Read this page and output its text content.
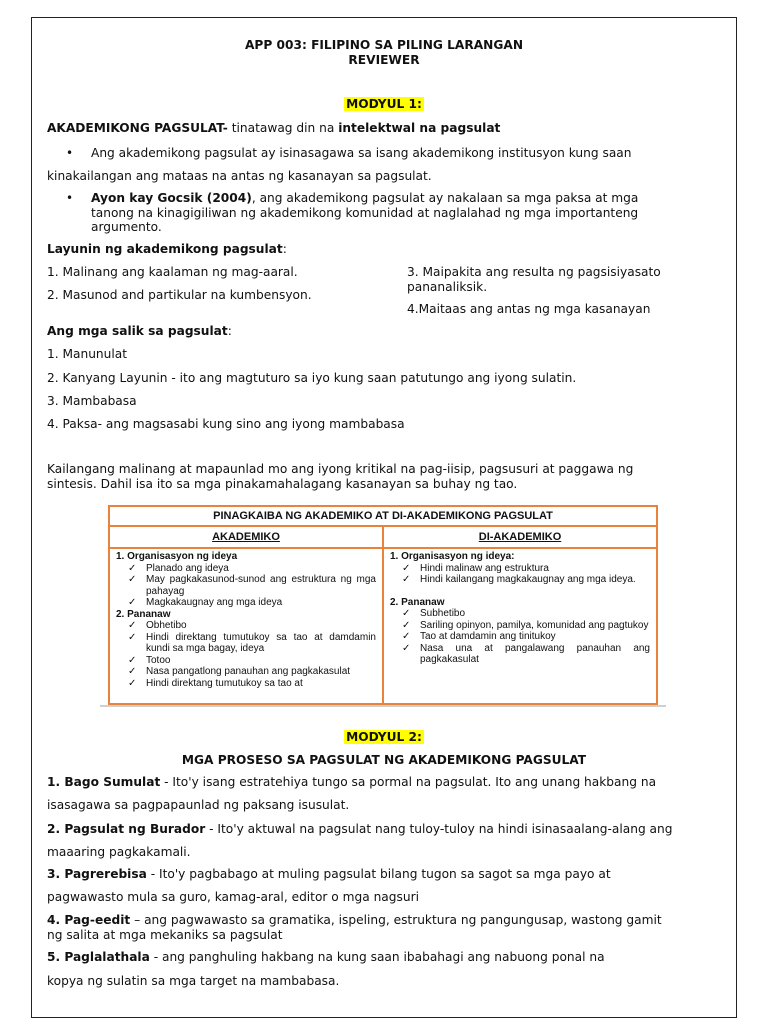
APP 003: FILIPINO SA PILING LARANGAN
REVIEWER
MODYUL 1:
AKADEMIKONG PAGSULAT- tinatawag din na intelektwal na pagsulat
• Ang akademikong pagsulat ay isinasagawa sa isang akademikong institusyon kung saan
kinakailangan ang mataas na antas ng kasanayan sa pagsulat.
• Ayon kay Gocsik (2004), ang akademikong pagsulat ay nakalaan sa mga paksa at mga
tanong na kinagigiliwan ng akademikong komunidad at naglalahad ng mga importanteng
argumento.
Layunin ng akademikong pagsulat:
1. Malinang ang kaalaman ng mag-aaral.
2. Masunod and partikular na kumbensyon.
3. Maipakita ang resulta ng pagsisiyasato
pananaliksik.
4.Maitaas ang antas ng mga kasanayan
Ang mga salik sa pagsulat:
1. Manunulat
2. Kanyang Layunin - ito ang magtuturo sa iyo kung saan patutungo ang iyong sulatin.
3. Mambabasa
4. Paksa- ang magsasabi kung sino ang iyong mambabasa
Kailangang malinang at mapaunlad mo ang iyong kritikal na pag-iisip, pagsusuri at paggawa ng
sintesis. Dahil isa ito sa mga pinakamahalagang kasanayan sa buhay ng tao.
PINAGKAIBA NG AKADEMIKO AT DI-AKADEMIKONG PAGSULAT
AKADEMIKO
1. Organisasyon ng ideya
✓ Planado ang ideya
✓ May pagkakasunod-sunod ang estruktura ng mga pahayag
✓ Magkakaugnay ang mga ideya
2. Pananaw
✓ Obhetibo
✓ Hindi direktang tumutukoy sa tao at damdamin kundi sa mga bagay, ideya
✓ Totoo
✓ Nasa pangatlong panauhan ang pagkakasulat
✓ Hindi direktang tumutukoy sa tao at
DI-AKADEMIKO
1. Organisasyon ng ideya:
✓ Hindi malinaw ang estruktura
✓ Hindi kailangang magkakaugnay ang mga ideya.
2. Pananaw
✓ Subhetibo
✓ Sariling opinyon, pamilya, komunidad ang pagtukoy
✓ Tao at damdamin ang tinitukoy
✓ Nasa una at pangalawang panauhan ang pagkakasulat
MODYUL 2:
MGA PROSESO SA PAGSULAT NG AKADEMIKONG PAGSULAT
1. Bago Sumulat - Ito'y isang estratehiya tungo sa pormal na pagsulat. Ito ang unang hakbang na
isasagawa sa pagpapaunlad ng paksang isusulat.
2. Pagsulat ng Burador - Ito'y aktuwal na pagsulat nang tuloy-tuloy na hindi isinasaalang-alang ang
maaaring pagkakamali.
3. Pagrerebisa - Ito'y pagbabago at muling pagsulat bilang tugon sa sagot sa mga payo at
pagwawasto mula sa guro, kamag-aral, editor o mga nagsuri
4. Pag-eedit – ang pagwawasto sa gramatika, ispeling, estruktura ng pangungusap, wastong gamit
ng salita at mga mekaniks sa pagsulat
5. Paglalathala - ang panghuling hakbang na kung saan ibabahagi ang nabuong ponal na
kopya ng sulatin sa mga target na mambabasa.
